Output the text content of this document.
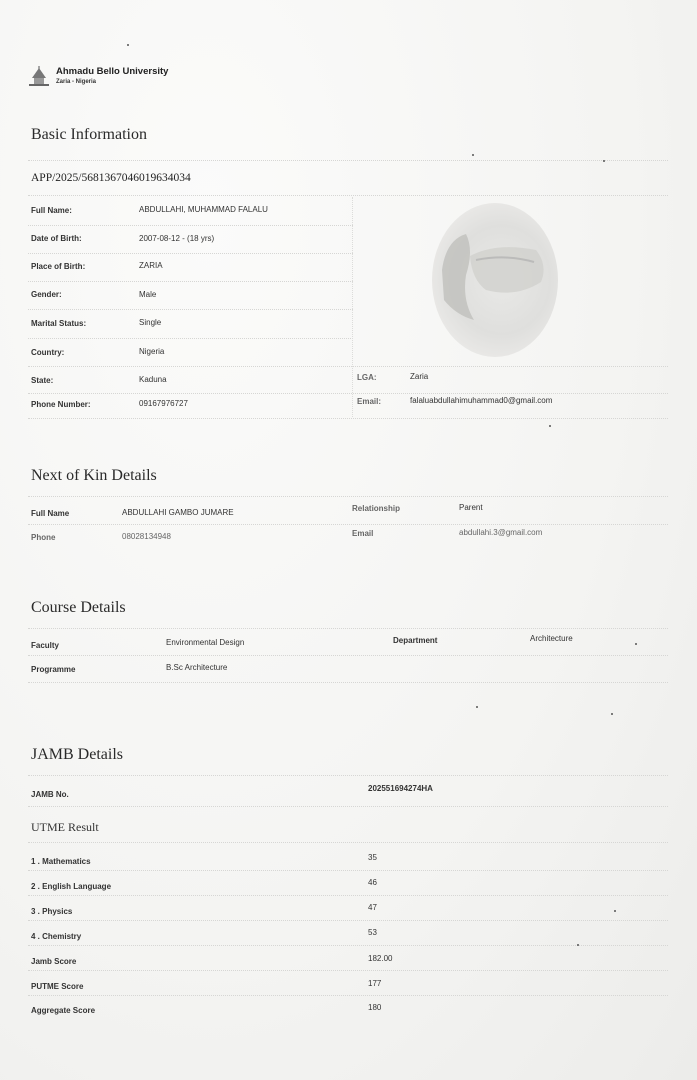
Ahmadu Bello University
Zaria - Nigeria
Basic Information
APP/2025/5681367046019634034
Full Name:	ABDULLAHI, MUHAMMAD FALALU
Date of Birth:	2007-08-12 - (18 yrs)
Place of Birth:	ZARIA
Gender:	Male
Marital Status:	Single
Country:	Nigeria
State:	Kaduna	LGA:	Zaria
Phone Number:	09167976727	Email:	falaluabdullahimuhammad0@gmail.com
Next of Kin Details
Full Name	ABDULLAHI GAMBO JUMARE	Relationship	Parent
Phone	08028134948	Email	abdullahi.3@gmail.com
Course Details
Faculty	Environmental Design	Department	Architecture
Programme	B.Sc Architecture
JAMB Details
JAMB No.
202551694274HA
UTME Result
1 . Mathematics	35
2 . English Language	46
3 . Physics	47
4 . Chemistry	53
Jamb Score	182.00
PUTME Score	177
Aggregate Score	180
